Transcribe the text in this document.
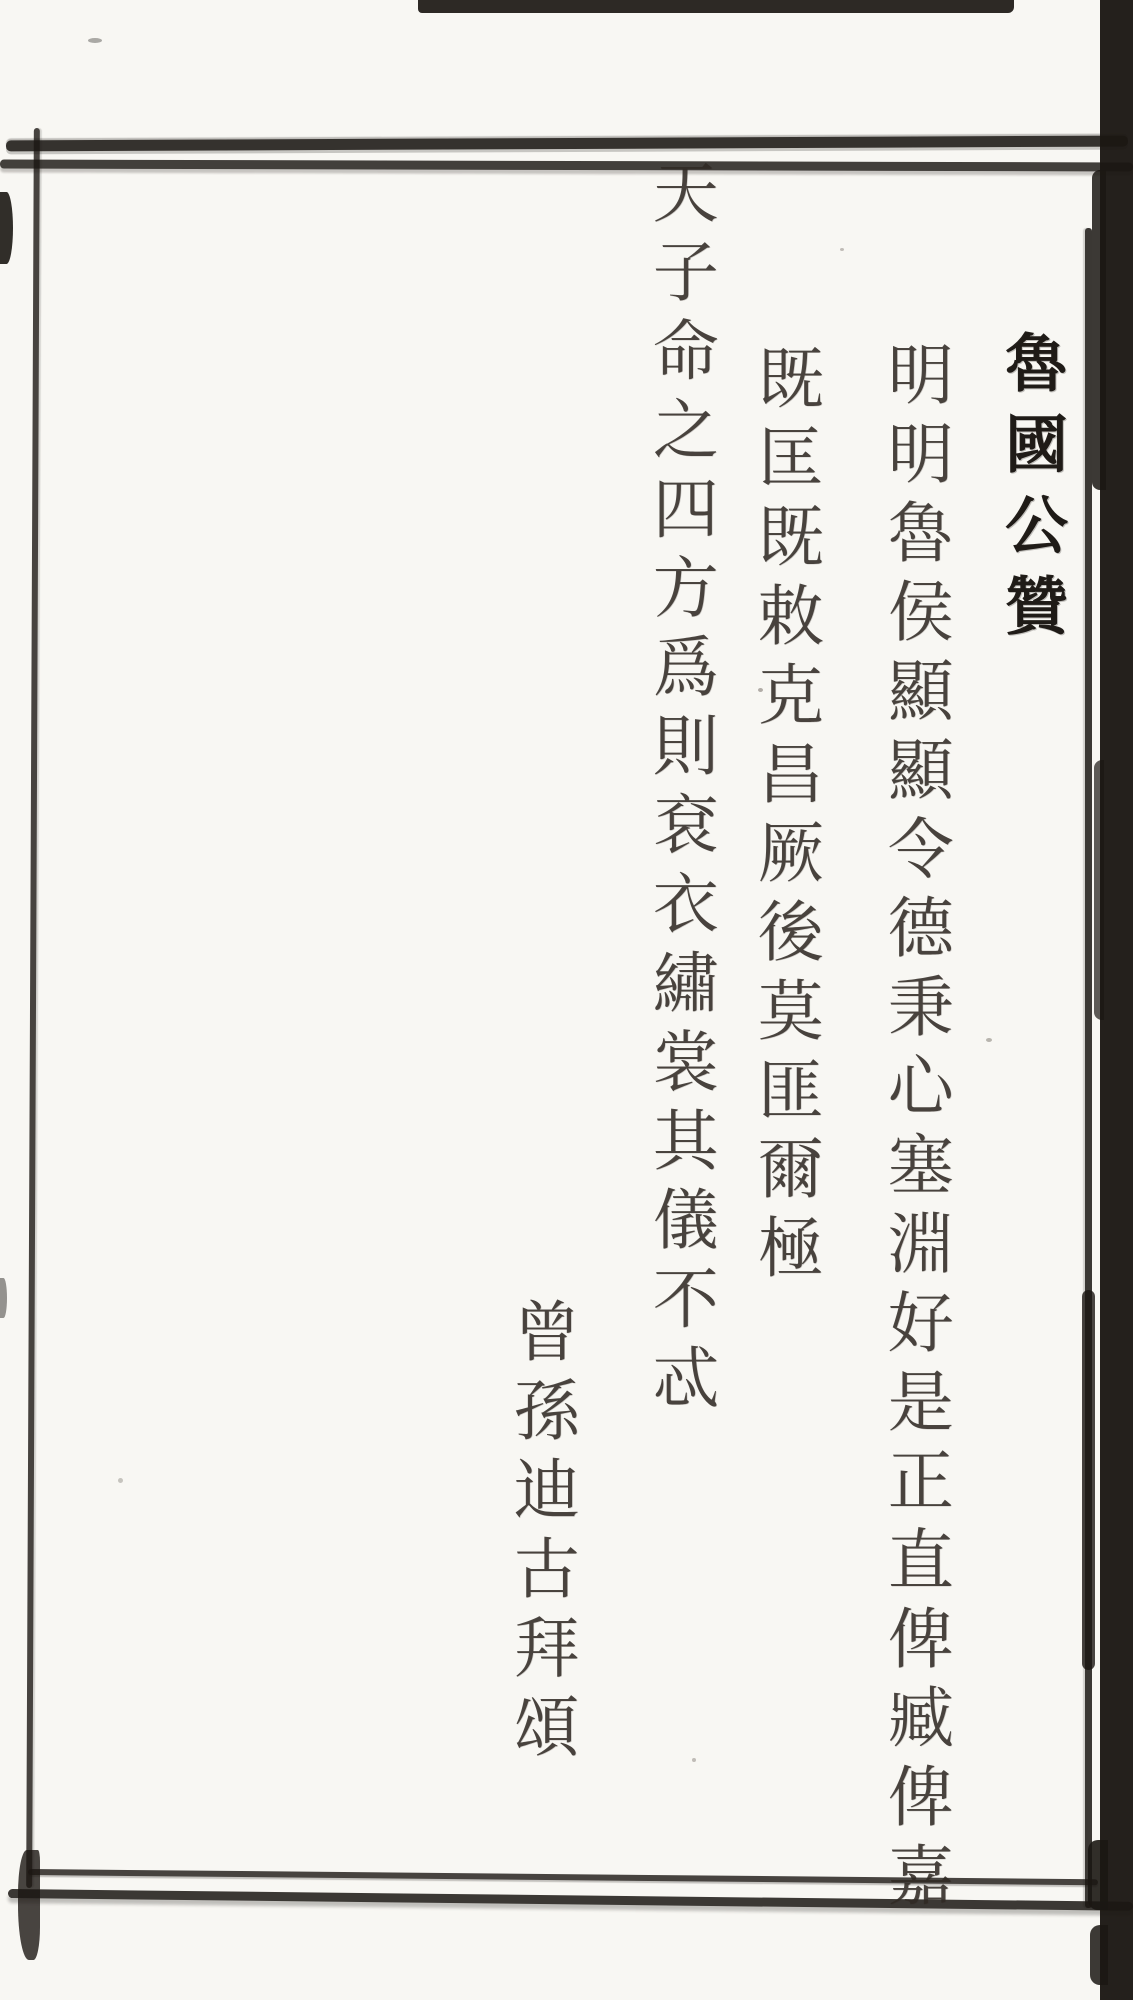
魯國公贊
明明魯侯顯顯令德秉心塞淵好是正直俾臧俾嘉
既匡既敕克昌厥後莫匪爾極
天子命之四方爲則袞衣繡裳其儀不忒
曾孫迪古拜頌
